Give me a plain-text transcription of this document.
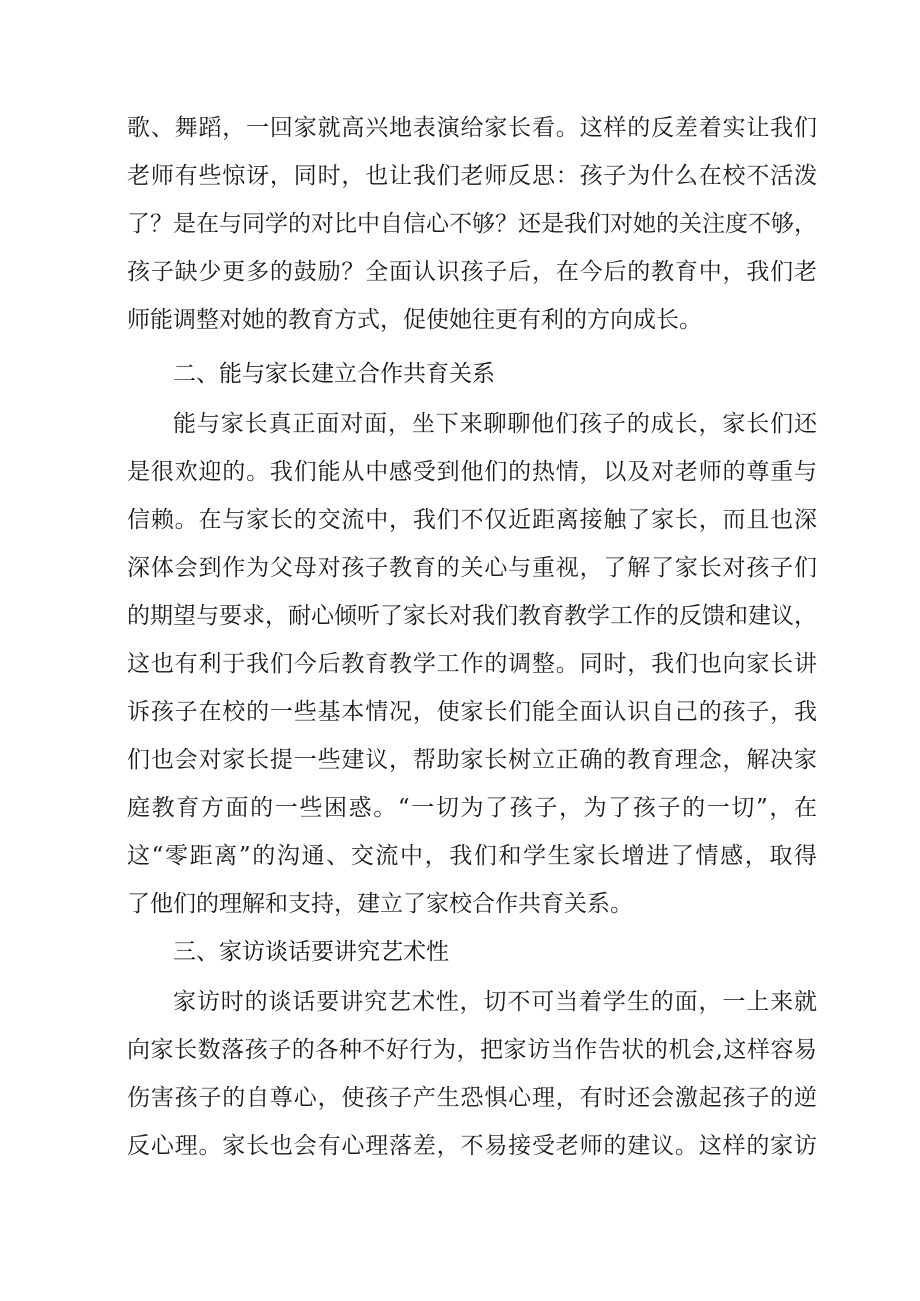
歌、舞蹈，一回家就高兴地表演给家长看。这样的反差着实让我们
老师有些惊讶，同时，也让我们老师反思：孩子为什么在校不活泼
了？是在与同学的对比中自信心不够？还是我们对她的关注度不够，
孩子缺少更多的鼓励？全面认识孩子后，在今后的教育中，我们老
师能调整对她的教育方式，促使她往更有利的方向成长。
二、能与家长建立合作共育关系
能与家长真正面对面，坐下来聊聊他们孩子的成长，家长们还
是很欢迎的。我们能从中感受到他们的热情，以及对老师的尊重与
信赖。在与家长的交流中，我们不仅近距离接触了家长，而且也深
深体会到作为父母对孩子教育的关心与重视，了解了家长对孩子们
的期望与要求，耐心倾听了家长对我们教育教学工作的反馈和建议，
这也有利于我们今后教育教学工作的调整。同时，我们也向家长讲
诉孩子在校的一些基本情况，使家长们能全面认识自己的孩子，我
们也会对家长提一些建议，帮助家长树立正确的教育理念，解决家
庭教育方面的一些困惑。“一切为了孩子，为了孩子的一切”，在
这“零距离”的沟通、交流中，我们和学生家长增进了情感，取得
了他们的理解和支持，建立了家校合作共育关系。
三、家访谈话要讲究艺术性
家访时的谈话要讲究艺术性，切不可当着学生的面，一上来就
向家长数落孩子的各种不好行为，把家访当作告状的机会,这样容易
伤害孩子的自尊心，使孩子产生恐惧心理，有时还会激起孩子的逆
反心理。家长也会有心理落差，不易接受老师的建议。这样的家访
